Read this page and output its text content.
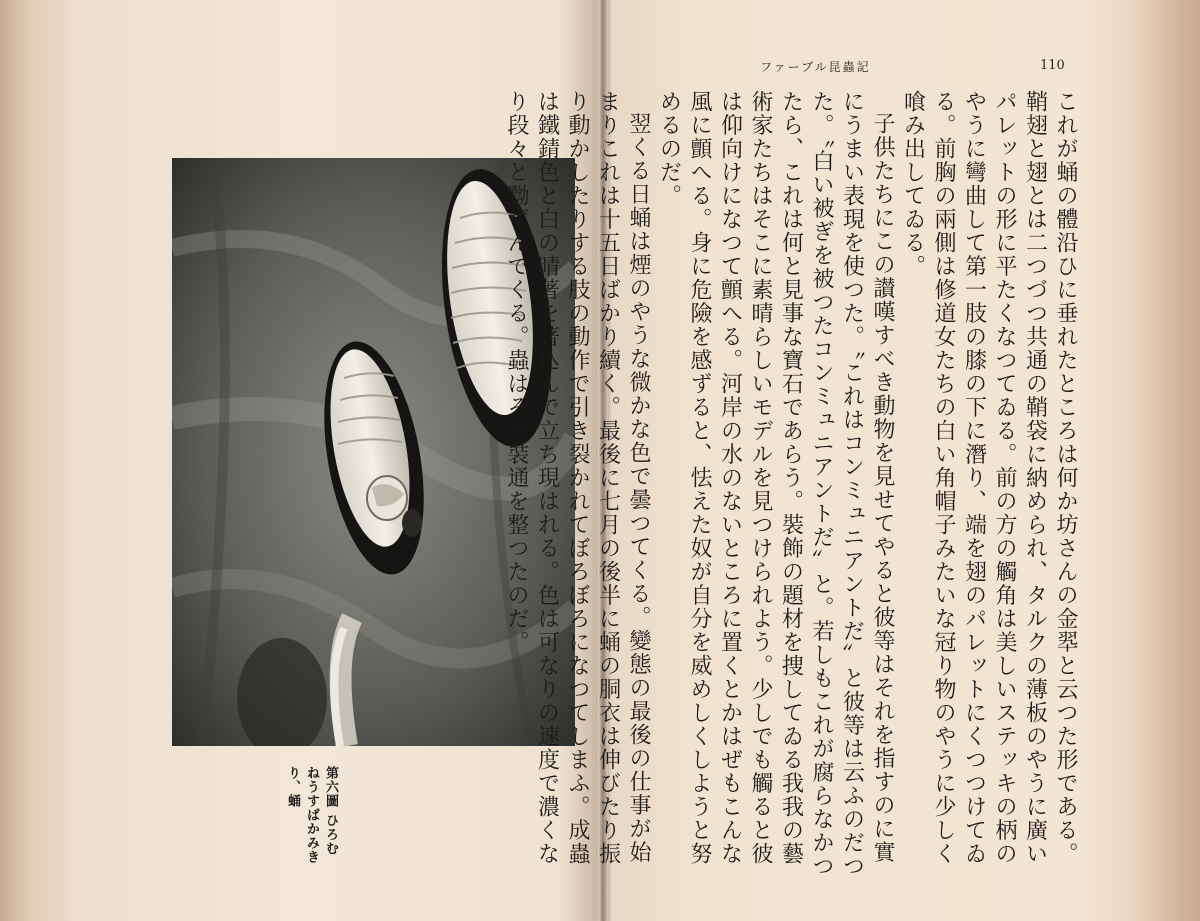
第六圖 ひろむねうすばかみきり、蛹
ファーブル昆蟲記	110

これが蛹の體沿ひに垂れたところは何か坊さんの金翆と云つた形である。鞘翅と翅とは二つづつ共通の鞘袋に納められ、タルクの薄板のやうに廣いパレットの形に平たくなつてゐる。前の方の觸角は美しいステッキの柄のやうに彎曲して第一肢の膝の下に潛り、端を翅のパレットにくつつけてゐる。前胸の兩側は修道女たちの白い角帽子みたいな冠り物のやうに少しく喰み出してゐる。

子供たちにこの讃嘆すべき動物を見せてやると彼等はそれを指すのに實にうまい表現を使つた。〝これはコンミュニアントだ〟と彼等は云ふのだつた。〝白い被ぎを被つたコンミュニアントだ〟と。若しもこれが腐らなかつたら、これは何と見事な寶石であらう。裝飾の題材を捜してゐる我我の藝術家たちはそこに素晴らしいモデルを見つけられよう。少しでも觸ると彼は仰向けになつて顫へる。河岸の水のないところに置くとかはぜもこんな風に顫へる。身に危險を感ずると、怯えた奴が自分を威めしくしようと努めるのだ。

翌くる日蛹は煙のやうな微かな色で曇つてくる。變態の最後の仕事が始まりこれは十五日ばかり續く。最後に七月の後半に蛹の胴衣は伸びたり振り動かしたりする肢の動作で引き裂かれてぼろぼろになつてしまふ。成蟲は鐵錆色と白の晴著を著込んで立ち現はれる。色は可なりの速度で濃くなり段々と黝ずんでくる。蟲はその裝通を整つたのだ。
